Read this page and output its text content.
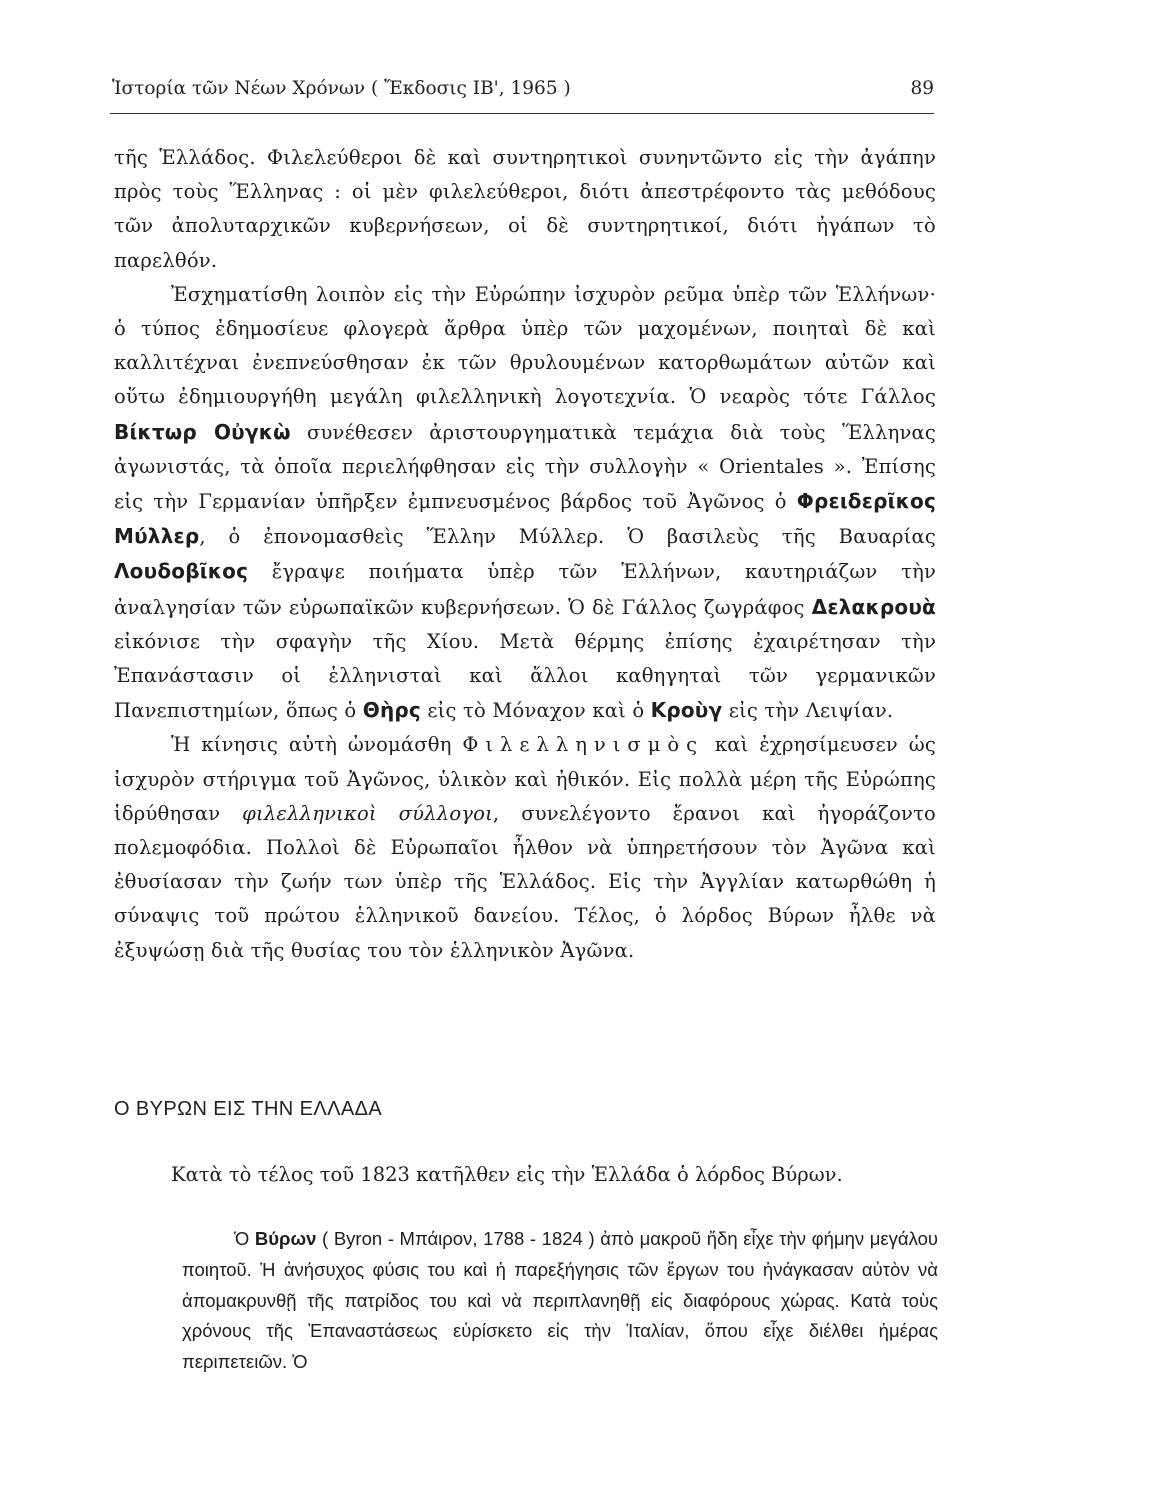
Ἱστορία τῶν Νέων Χρόνων ( Ἔκδοσις ΙΒ', 1965 )	89

τῆς Ἑλλάδος. Φιλελεύθεροι δὲ καὶ συντηρητικοὶ συνηντῶντο εἰς τὴν ἀγάπην πρὸς τοὺς Ἕλληνας : οἱ μὲν φιλελεύθεροι, διότι ἀπεστρέφοντο τὰς μεθόδους τῶν ἀπολυταρχικῶν κυβερνήσεων, οἱ δὲ συντηρητικοί, διότι ἠγάπων τὸ παρελθόν.

Ἐσχηματίσθη λοιπὸν εἰς τὴν Εὐρώπην ἰσχυρὸν ρεῦμα ὑπὲρ τῶν Ἑλλήνων· ὁ τύπος ἐδημοσίευε φλογερὰ ἄρθρα ὑπὲρ τῶν μαχομένων, ποιηταὶ δὲ καὶ καλλιτέχναι ἐνεπνεύσθησαν ἐκ τῶν θρυλουμένων κατορθωμάτων αὐτῶν καὶ οὕτω ἐδημιουργήθη μεγάλη φιλελληνικὴ λογοτεχνία. Ὁ νεαρὸς τότε Γάλλος Βίκτωρ Οὐγκὼ συνέθεσεν ἀριστουργηματικὰ τεμάχια διὰ τοὺς Ἕλληνας ἀγωνιστάς, τὰ ὁποῖα περιελήφθησαν εἰς τὴν συλλογὴν « Orientales ». Ἐπίσης εἰς τὴν Γερμανίαν ὑπῆρξεν ἐμπνευσμένος βάρδος τοῦ Ἀγῶνος ὁ Φρειδερῖκος Μύλλερ, ὁ ἐπονομασθεὶς Ἕλλην Μύλλερ. Ὁ βασιλεὺς τῆς Βαυαρίας Λουδοβῖκος ἔγραψε ποιήματα ὑπὲρ τῶν Ἑλλήνων, καυτηριάζων τὴν ἀναλγησίαν τῶν εὐρωπαϊκῶν κυβερνήσεων. Ὁ δὲ Γάλλος ζωγράφος Δελακρουὰ εἰκόνισε τὴν σφαγὴν τῆς Χίου. Μετὰ θέρμης ἐπίσης ἐχαιρέτησαν τὴν Ἐπανάστασιν οἱ ἑλληνισταὶ καὶ ἄλλοι καθηγηταὶ τῶν γερμανικῶν Πανεπιστημίων, ὅπως ὁ Θὴρς εἰς τὸ Μόναχον καὶ ὁ Κροὺγ εἰς τὴν Λειψίαν.

Ἡ κίνησις αὐτὴ ὠνομάσθη Φιλελληνισμὸς καὶ ἐχρησίμευσεν ὡς ἰσχυρὸν στήριγμα τοῦ Ἀγῶνος, ὑλικὸν καὶ ἠθικόν. Εἰς πολλὰ μέρη τῆς Εὐρώπης ἱδρύθησαν φιλελληνικοὶ σύλλογοι, συνελέγοντο ἔρανοι καὶ ἠγοράζοντο πολεμοφόδια. Πολλοὶ δὲ Εὐρωπαῖοι ἦλθον νὰ ὑπηρετήσουν τὸν Ἀγῶνα καὶ ἐθυσίασαν τὴν ζωήν των ὑπὲρ τῆς Ἑλλάδος. Εἰς τὴν Ἀγγλίαν κατωρθώθη ἡ σύναψις τοῦ πρώτου ἑλληνικοῦ δανείου. Τέλος, ὁ λόρδος Βύρων ἦλθε νὰ ἐξυψώσῃ διὰ τῆς θυσίας του τὸν ἑλληνικὸν Ἀγῶνα.

Ο ΒΥΡΩΝ ΕΙΣ ΤΗΝ ΕΛΛΑΔΑ

Κατὰ τὸ τέλος τοῦ 1823 κατῆλθεν εἰς τὴν Ἑλλάδα ὁ λόρδος Βύρων.

Ὁ Βύρων ( Byron - Μπάιρον, 1788 - 1824 ) ἀπὸ μακροῦ ἤδη εἶχε τὴν φήμην μεγάλου ποιητοῦ. Ἡ ἀνήσυχος φύσις του καὶ ἡ παρεξήγησις τῶν ἔργων του ἠνάγκασαν αὐτὸν νὰ ἀπομακρυνθῇ τῆς πατρίδος του καὶ νὰ περιπλανηθῇ εἰς διαφόρους χώρας. Κατὰ τοὺς χρόνους τῆς Ἐπαναστάσεως εὑρίσκετο εἰς τὴν Ἰταλίαν, ὅπου εἶχε διέλθει ἡμέρας περιπετειῶν. Ὁ
